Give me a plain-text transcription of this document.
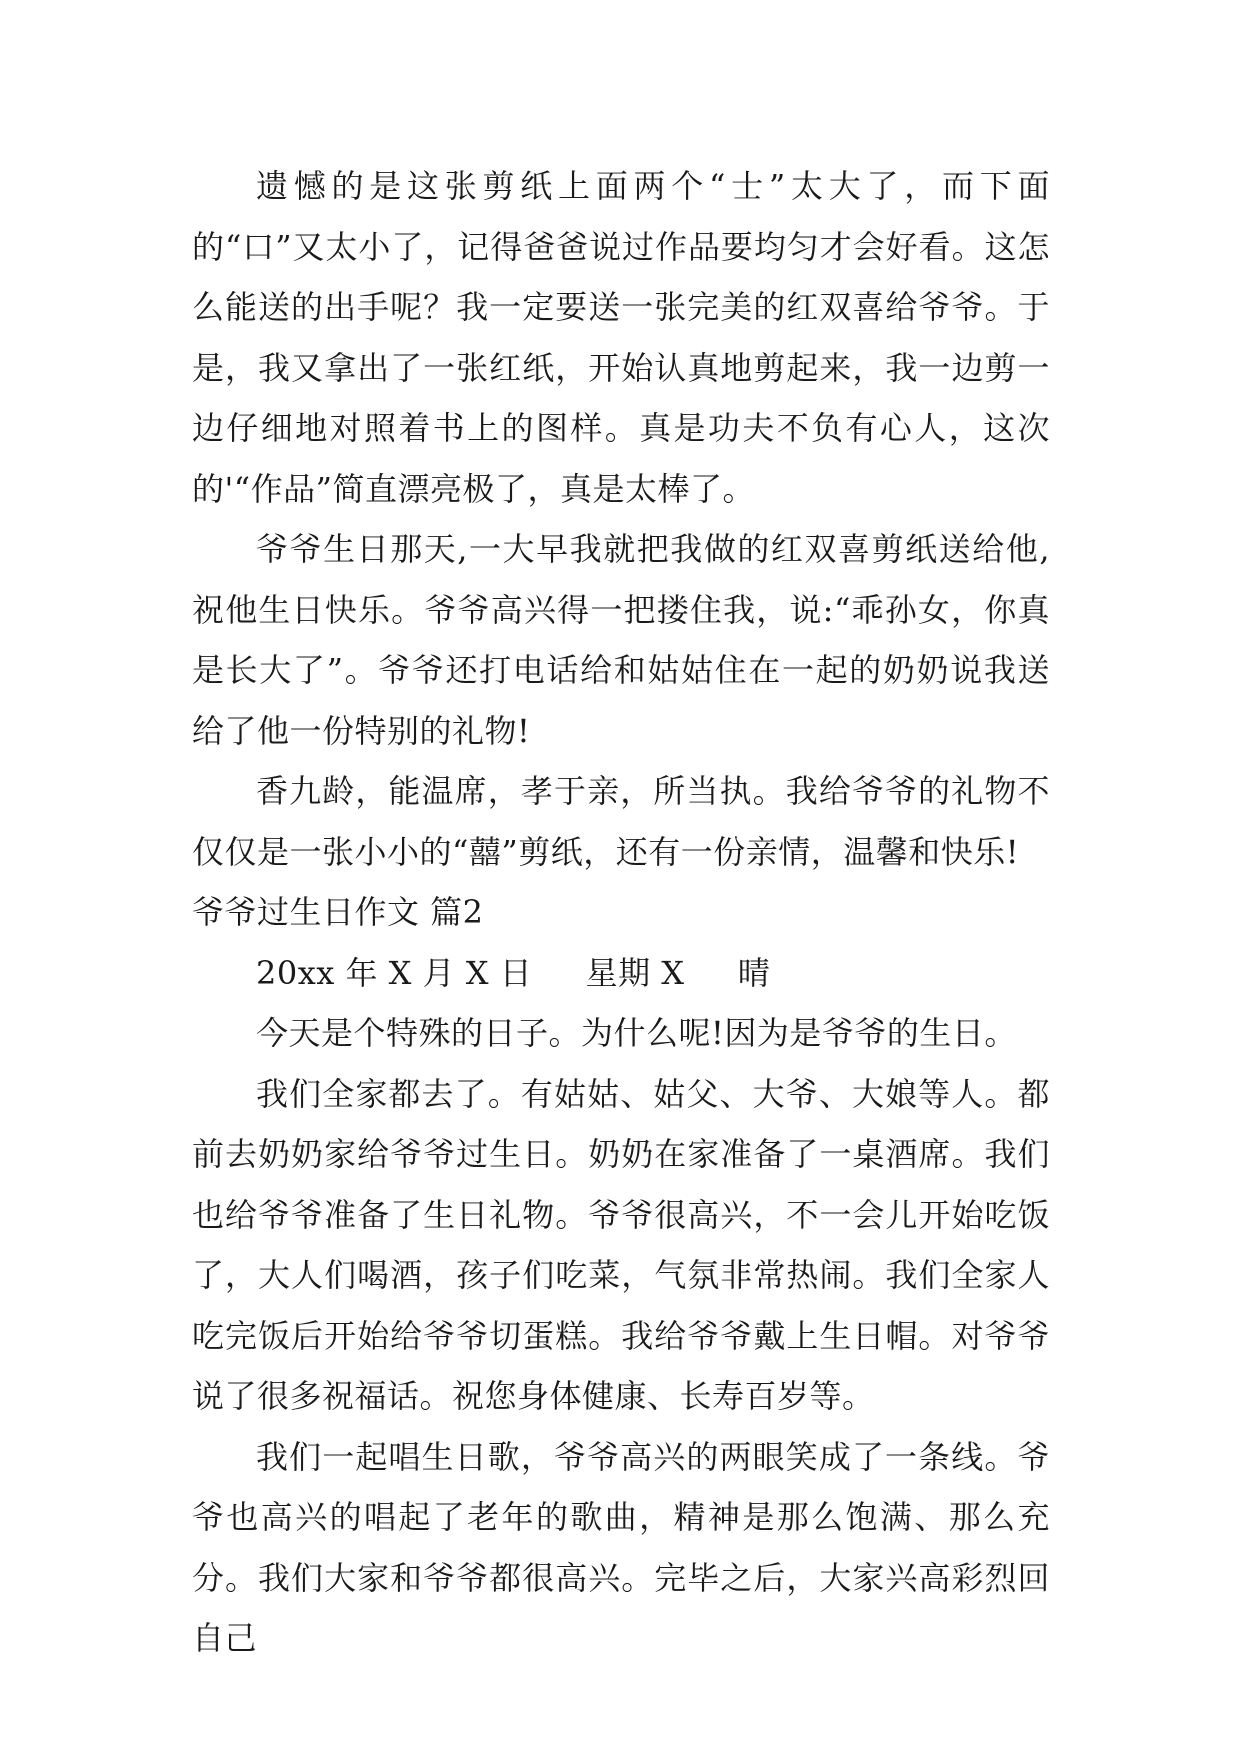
遗憾的是这张剪纸上面两个“士”太大了，而下面的“口”又太小了，记得爸爸说过作品要均匀才会好看。这怎么能送的出手呢？我一定要送一张完美的红双喜给爷爷。于是，我又拿出了一张红纸，开始认真地剪起来，我一边剪一边仔细地对照着书上的图样。真是功夫不负有心人，这次的'“作品”简直漂亮极了，真是太棒了。

爷爷生日那天,一大早我就把我做的红双喜剪纸送给他,祝他生日快乐。爷爷高兴得一把搂住我，说:“乖孙女，你真是长大了”。爷爷还打电话给和姑姑住在一起的奶奶说我送给了他一份特别的礼物!

香九龄，能温席，孝于亲，所当执。我给爷爷的礼物不仅仅是一张小小的“囍”剪纸，还有一份亲情，温馨和快乐!

爷爷过生日作文 篇2

20xx 年 X 月 X 日     星期 X     晴

今天是个特殊的日子。为什么呢!因为是爷爷的生日。

我们全家都去了。有姑姑、姑父、大爷、大娘等人。都前去奶奶家给爷爷过生日。奶奶在家准备了一桌酒席。我们也给爷爷准备了生日礼物。爷爷很高兴，不一会儿开始吃饭了，大人们喝酒，孩子们吃菜，气氛非常热闹。我们全家人吃完饭后开始给爷爷切蛋糕。我给爷爷戴上生日帽。对爷爷说了很多祝福话。祝您身体健康、长寿百岁等。

我们一起唱生日歌，爷爷高兴的两眼笑成了一条线。爷爷也高兴的唱起了老年的歌曲，精神是那么饱满、那么充分。我们大家和爷爷都很高兴。完毕之后，大家兴高彩烈回自己
